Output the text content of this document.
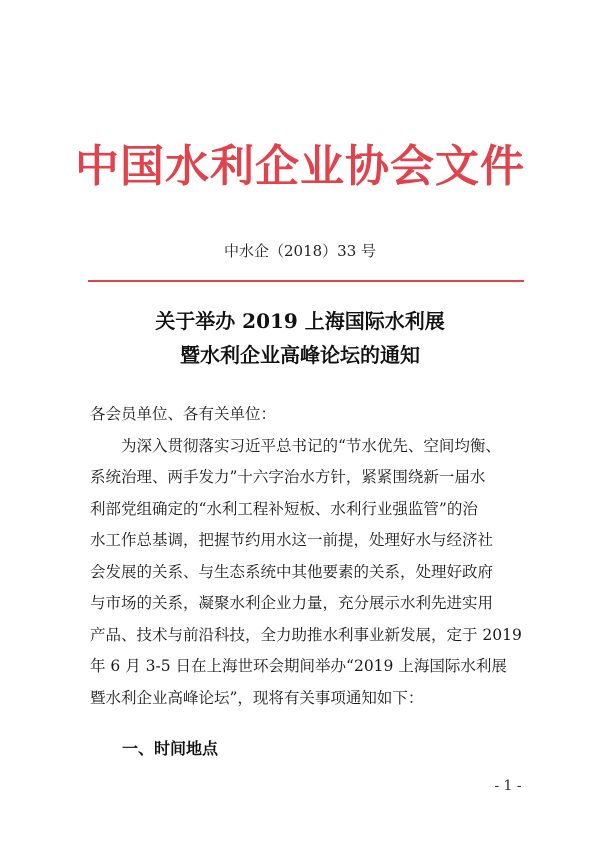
中国水利企业协会文件
中水企（2018）33 号
关于举办 2019 上海国际水利展
暨水利企业高峰论坛的通知
各会员单位、各有关单位：
　　为深入贯彻落实习近平总书记的“节水优先、空间均衡、
系统治理、两手发力”十六字治水方针，紧紧围绕新一届水
利部党组确定的“水利工程补短板、水利行业强监管”的治
水工作总基调，把握节约用水这一前提，处理好水与经济社
会发展的关系、与生态系统中其他要素的关系，处理好政府
与市场的关系，凝聚水利企业力量，充分展示水利先进实用
产品、技术与前沿科技，全力助推水利事业新发展，定于 2019
年 6 月 3-5 日在上海世环会期间举办“2019 上海国际水利展
暨水利企业高峰论坛”，现将有关事项通知如下：
一、时间地点
- 1 -
